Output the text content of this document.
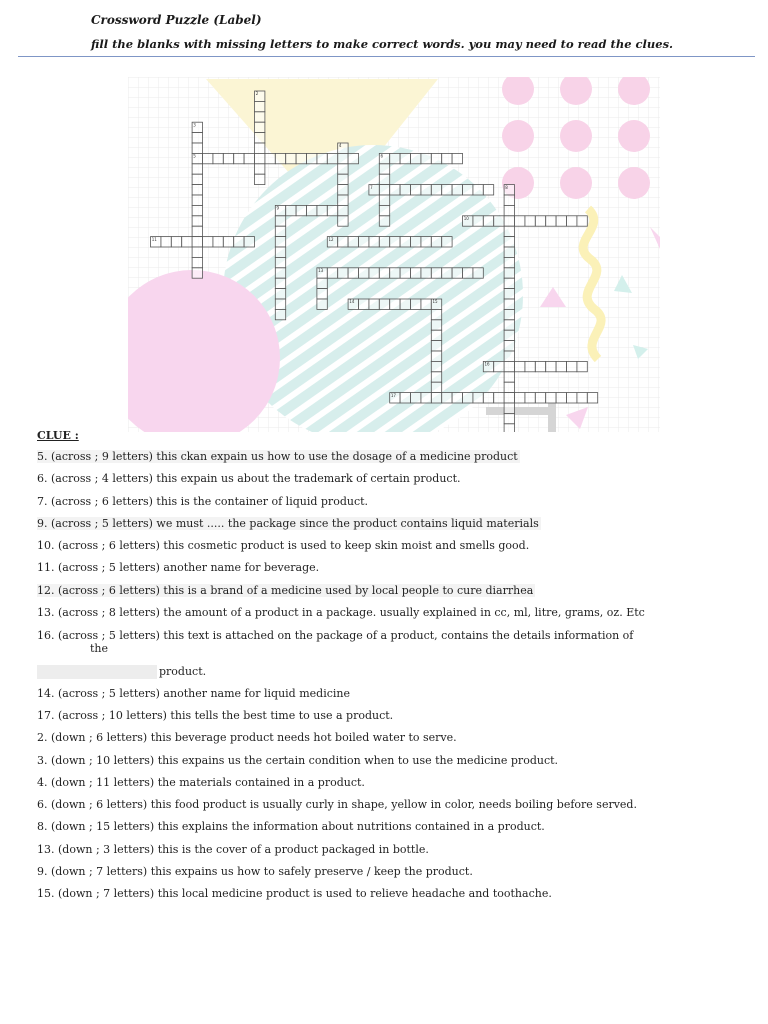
Crossword Puzzle (Label)
fill the blanks with missing letters to make correct words. you may need to read the clues.
2
3
4
5	6
7	8
9
10
11	12
13
14	15
16
17
CLUE :
5. (across ; 9 letters) this ckan expain us how to use the dosage of a medicine product
6. (across ; 4 letters) this expain us about the trademark of certain product.
7. (across ; 6 letters) this is the container of liquid product.
9. (across ; 5 letters) we must ..... the package since the product contains liquid materials
10. (across ; 6 letters) this cosmetic product is used to keep skin moist and smells good.
11. (across ; 5 letters) another name for beverage.
12. (across ; 6 letters) this is a brand of a medicine used by local people to cure diarrhea
13. (across ; 8 letters) the amount of a product in a package. usually explained in cc, ml, litre, grams, oz. Etc
16. (across ; 5 letters) this text is attached on the package of a product, contains the details information of
the
product.
14. (across ; 5 letters) another name for liquid medicine
17. (across ; 10 letters) this tells the best time to use a product.
2. (down ; 6 letters) this beverage product needs hot boiled water to serve.
3. (down ; 10 letters) this expains us the certain condition when to use the medicine product.
4. (down ; 11 letters) the materials contained in a product.
6. (down ; 6 letters) this food product is usually curly in shape, yellow in color, needs boiling before served.
8. (down ; 15 letters) this explains the information about nutritions contained in a product.
13. (down ; 3 letters) this is the cover of a product packaged in bottle.
9. (down ; 7 letters) this expains us how to safely preserve / keep the product.
15. (down ; 7 letters) this local medicine product is used to relieve headache and toothache.
